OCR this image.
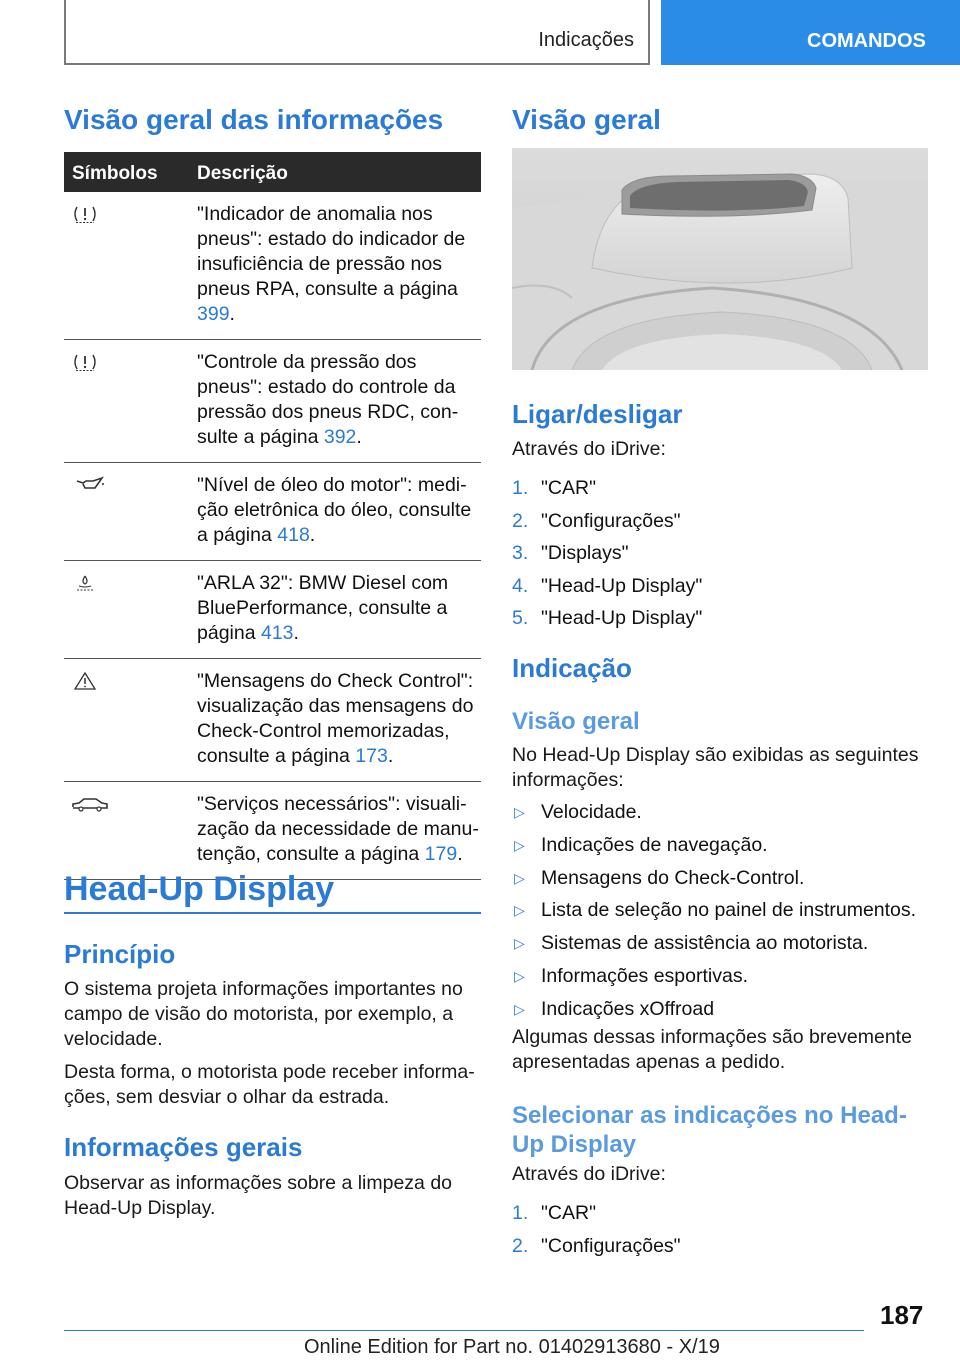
Indicações	COMANDOS
Visão geral das informações
Símbolos Descrição
"Indicador de anomalia nos pneus": estado do indicador de insuficiência de pressão nos pneus RPA, consulte a página 399.
"Controle da pressão dos pneus": estado do controle da pressão dos pneus RDC, consulte a página 392.
"Nível de óleo do motor": medição eletrônica do óleo, consulte a página 418.
"ARLA 32": BMW Diesel com BluePerformance, consulte a página 413.
"Mensagens do Check Control": visualização das mensagens do Check-Control memorizadas, consulte a página 173.
"Serviços necessários": visualização da necessidade de manutenção, consulte a página 179.
Head-Up Display
Princípio
O sistema projeta informações importantes no campo de visão do motorista, por exemplo, a velocidade.
Desta forma, o motorista pode receber informações, sem desviar o olhar da estrada.
Informações gerais
Observar as informações sobre a limpeza do Head-Up Display.
Visão geral
Ligar/desligar
Através do iDrive:
1. "CAR"
2. "Configurações"
3. "Displays"
4. "Head-Up Display"
5. "Head-Up Display"
Indicação
Visão geral
No Head-Up Display são exibidas as seguintes informações:
▷ Velocidade.
▷ Indicações de navegação.
▷ Mensagens do Check-Control.
▷ Lista de seleção no painel de instrumentos.
▷ Sistemas de assistência ao motorista.
▷ Informações esportivas.
▷ Indicações xOffroad
Algumas dessas informações são brevemente apresentadas apenas a pedido.
Selecionar as indicações no Head-
Up Display
Através do iDrive:
1. "CAR"
2. "Configurações"
187
Online Edition for Part no. 01402913680 - X/19
